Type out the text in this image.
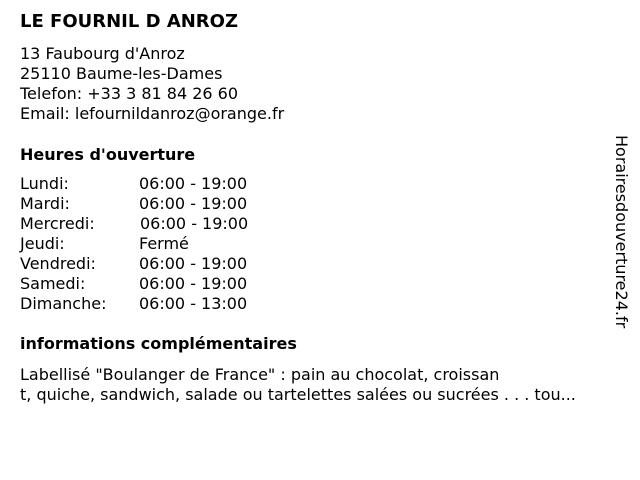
LE FOURNIL D ANROZ
13 Faubourg d'Anroz
25110 Baume-les-Dames
Telefon: +33 3 81 84 26 60
Email: lefournildanroz@orange.fr
Heures d'ouverture
Lundi:	06:00 - 19:00
Mardi:	06:00 - 19:00
Mercredi:	06:00 - 19:00
Jeudi:	Fermé
Vendredi:	06:00 - 19:00
Samedi:	06:00 - 19:00
Dimanche: 06:00 - 13:00
informations complémentaires
Labellisé "Boulanger de France" : pain au chocolat, croissan
t, quiche, sandwich, salade ou tartelettes salées ou sucrées . . . tou...
Horairesdouverture24.fr
